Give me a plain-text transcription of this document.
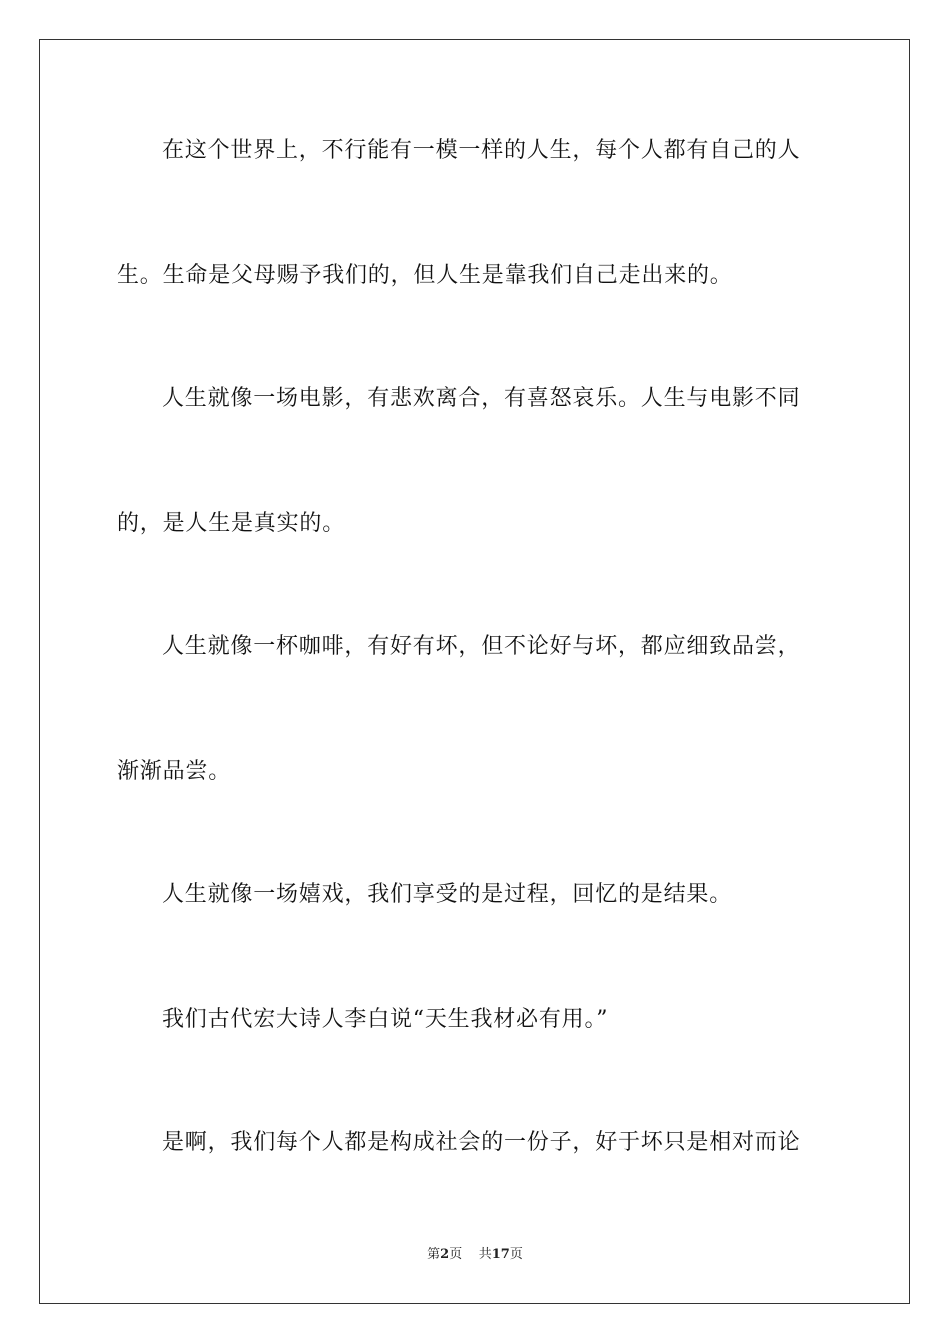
在这个世界上，不行能有一模一样的人生，每个人都有自己的人
生。生命是父母赐予我们的，但人生是靠我们自己走出来的。
人生就像一场电影，有悲欢离合，有喜怒哀乐。人生与电影不同
的，是人生是真实的。
人生就像一杯咖啡，有好有坏，但不论好与坏，都应细致品尝，
渐渐品尝。
人生就像一场嬉戏，我们享受的是过程，回忆的是结果。
我们古代宏大诗人李白说“天生我材必有用。”
是啊，我们每个人都是构成社会的一份子，好于坏只是相对而论
第2页 共17页
